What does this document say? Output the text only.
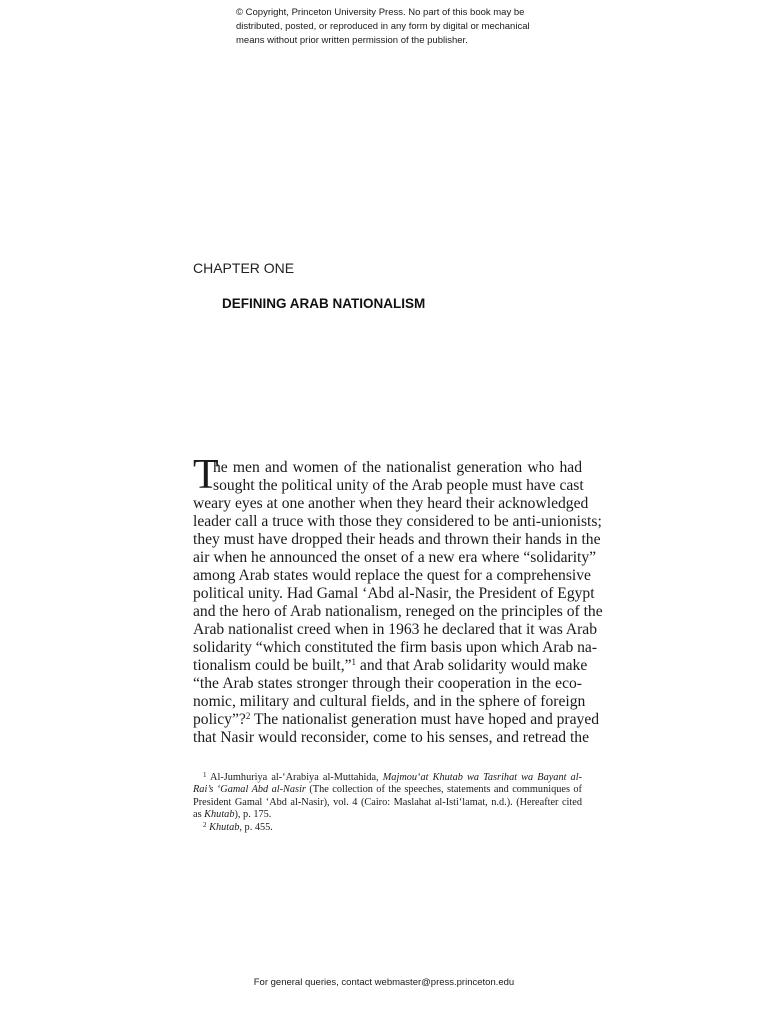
© Copyright, Princeton University Press. No part of this book may be
distributed, posted, or reproduced in any form by digital or mechanical
means without prior written permission of the publisher.
CHAPTER ONE
DEFINING ARAB NATIONALISM
T
he men and women of the nationalist generation who had
sought the political unity of the Arab people must have cast
weary eyes at one another when they heard their acknowledged
leader call a truce with those they considered to be anti-unionists;
they must have dropped their heads and thrown their hands in the
air when he announced the onset of a new era where “solidarity”
among Arab states would replace the quest for a comprehensive
political unity. Had Gamal ‘Abd al-Nasir, the President of Egypt
and the hero of Arab nationalism, reneged on the principles of the
Arab nationalist creed when in 1963 he declared that it was Arab
solidarity “which constituted the firm basis upon which Arab na-
tionalism could be built,”$^1$ and that Arab solidarity would make
“the Arab states stronger through their cooperation in the eco-
nomic, military and cultural fields, and in the sphere of foreign
policy”?$^2$ The nationalist generation must have hoped and prayed
that Nasir would reconsider, come to his senses, and retread the

$^1$ Al-Jumhuriya al-‘Arabiya al-Muttahida, Majmou‘at Khutab wa Tasrihat wa Bayant al-Rai’s ‘Gamal Abd al-Nasir (The collection of the speeches, statements and communiques of President Gamal ‘Abd al-Nasir), vol. 4 (Cairo: Maslahat al-Isti‘lamat, n.d.). (Hereafter cited as Khutab), p. 175.

$^2$ Khutab, p. 455.

For general queries, contact webmaster@press.princeton.edu
